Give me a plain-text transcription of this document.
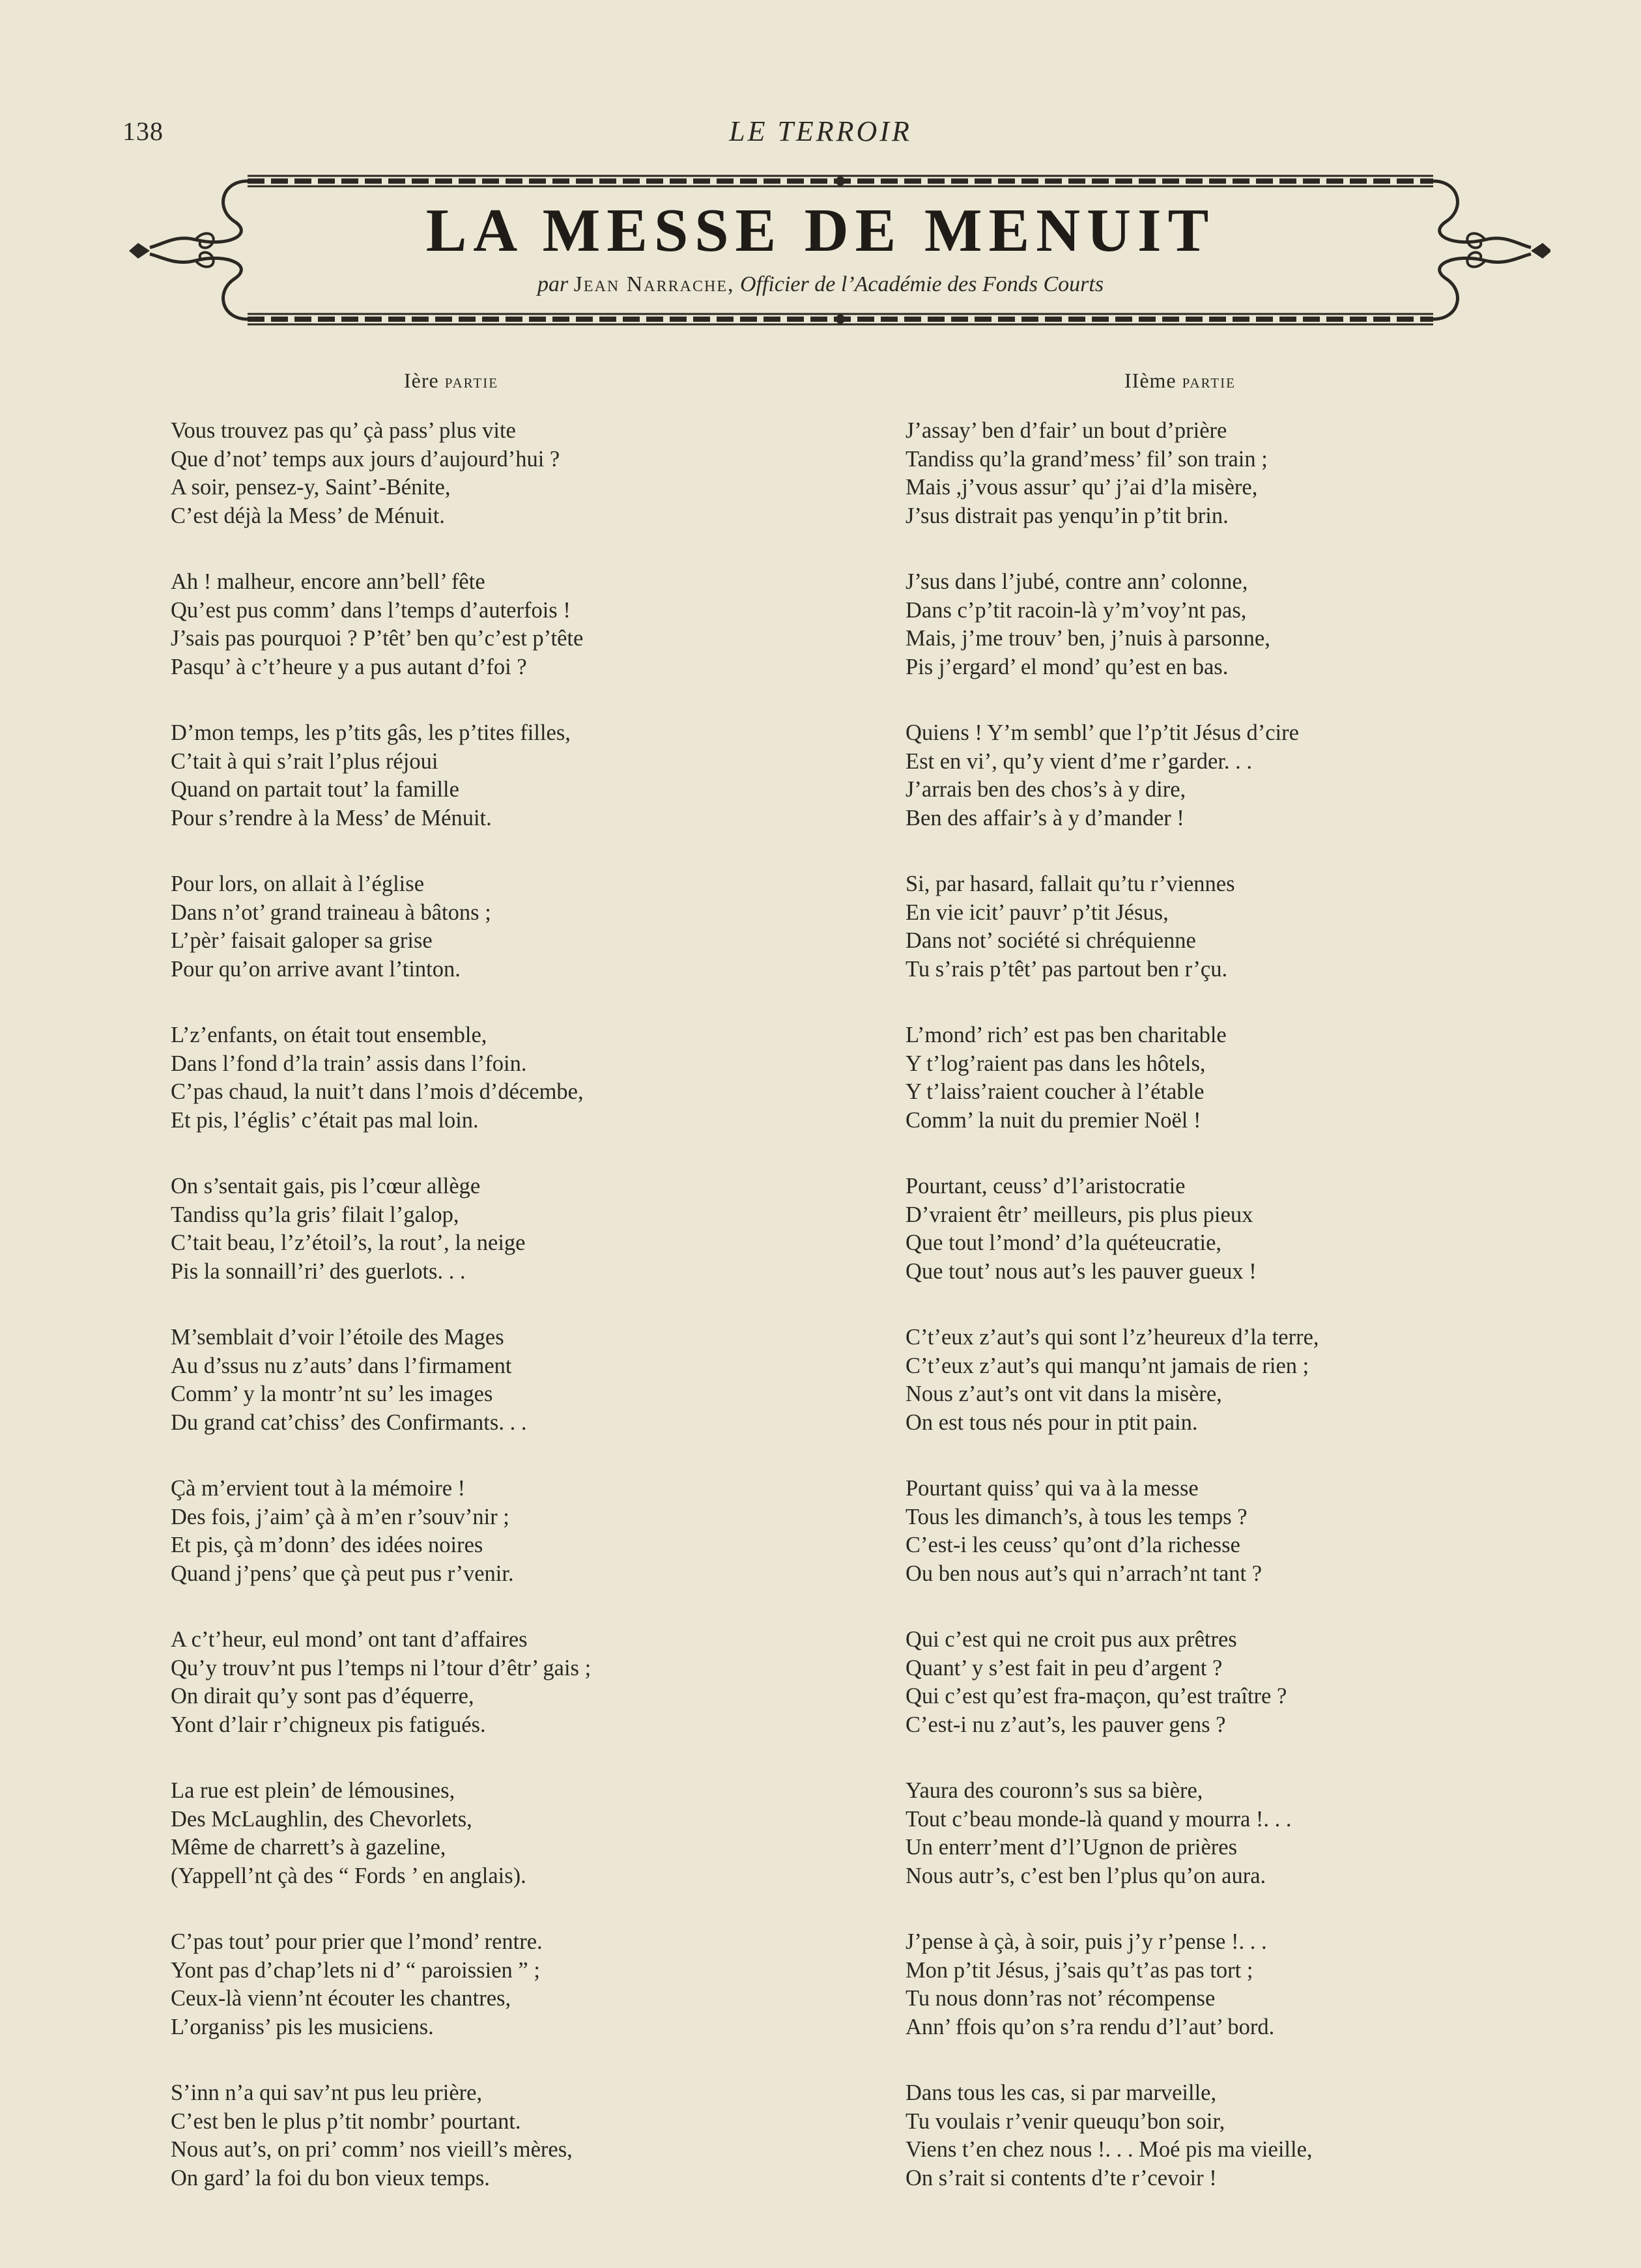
138	LE TERROIR
LA MESSE DE MENUIT
par Jean Narrache, Officier de l’Académie des Fonds Courts
Ière partie	IIème partie
Vous trouvez pas qu’ çà pass’ plus vite
Que d’not’ temps aux jours d’aujourd’hui ?
A soir, pensez-y, Saint’-Bénite,
C’est déjà la Mess’ de Ménuit.
Ah ! malheur, encore ann’bell’ fête
Qu’est pus comm’ dans l’temps d’auterfois !
J’sais pas pourquoi ? P’têt’ ben qu’c’est p’tête
Pasqu’ à c’t’heure y a pus autant d’foi ?
D’mon temps, les p’tits gâs, les p’tites filles,
C’tait à qui s’rait l’plus réjoui
Quand on partait tout’ la famille
Pour s’rendre à la Mess’ de Ménuit.
Pour lors, on allait à l’église
Dans n’ot’ grand traineau à bâtons ;
L’pèr’ faisait galoper sa grise
Pour qu’on arrive avant l’tinton.
L’z’enfants, on était tout ensemble,
Dans l’fond d’la train’ assis dans l’foin.
C’pas chaud, la nuit’t dans l’mois d’décembe,
Et pis, l’églis’ c’était pas mal loin.
On s’sentait gais, pis l’cœur allège
Tandiss qu’la gris’ filait l’galop,
C’tait beau, l’z’étoil’s, la rout’, la neige
Pis la sonnaill’ri’ des guerlots. . .
M’semblait d’voir l’étoile des Mages
Au d’ssus nu z’auts’ dans l’firmament
Comm’ y la montr’nt su’ les images
Du grand cat’chiss’ des Confirmants. . .
Çà m’ervient tout à la mémoire !
Des fois, j’aim’ çà à m’en r’souv’nir ;
Et pis, çà m’donn’ des idées noires
Quand j’pens’ que çà peut pus r’venir.
A c’t’heur, eul mond’ ont tant d’affaires
Qu’y trouv’nt pus l’temps ni l’tour d’êtr’ gais ;
On dirait qu’y sont pas d’équerre,
Yont d’lair r’chigneux pis fatigués.
La rue est plein’ de lémousines,
Des McLaughlin, des Chevorlets,
Même de charrett’s à gazeline,
(Yappell’nt çà des “ Fords ’ en anglais).
C’pas tout’ pour prier que l’mond’ rentre.
Yont pas d’chap’lets ni d’ “ paroissien ” ;
Ceux-là vienn’nt écouter les chantres,
L’organiss’ pis les musiciens.
S’inn n’a qui sav’nt pus leu prière,
C’est ben le plus p’tit nombr’ pourtant.
Nous aut’s, on pri’ comm’ nos vieill’s mères,
On gard’ la foi du bon vieux temps.
J’assay’ ben d’fair’ un bout d’prière
Tandiss qu’la grand’mess’ fil’ son train ;
Mais ,j’vous assur’ qu’ j’ai d’la misère,
J’sus distrait pas yenqu’in p’tit brin.
J’sus dans l’jubé, contre ann’ colonne,
Dans c’p’tit racoin-là y’m’voy’nt pas,
Mais, j’me trouv’ ben, j’nuis à parsonne,
Pis j’ergard’ el mond’ qu’est en bas.
Quiens ! Y’m sembl’ que l’p’tit Jésus d’cire
Est en vi’, qu’y vient d’me r’garder. . .
J’arrais ben des chos’s à y dire,
Ben des affair’s à y d’mander !
Si, par hasard, fallait qu’tu r’viennes
En vie icit’ pauvr’ p’tit Jésus,
Dans not’ société si chréquienne
Tu s’rais p’têt’ pas partout ben r’çu.
L’mond’ rich’ est pas ben charitable
Y t’log’raient pas dans les hôtels,
Y t’laiss’raient coucher à l’étable
Comm’ la nuit du premier Noël !
Pourtant, ceuss’ d’l’aristocratie
D’vraient êtr’ meilleurs, pis plus pieux
Que tout l’mond’ d’la quéteucratie,
Que tout’ nous aut’s les pauver gueux !
C’t’eux z’aut’s qui sont l’z’heureux d’la terre,
C’t’eux z’aut’s qui manqu’nt jamais de rien ;
Nous z’aut’s ont vit dans la misère,
On est tous nés pour in ptit pain.
Pourtant quiss’ qui va à la messe
Tous les dimanch’s, à tous les temps ?
C’est-i les ceuss’ qu’ont d’la richesse
Ou ben nous aut’s qui n’arrach’nt tant ?
Qui c’est qui ne croit pus aux prêtres
Quant’ y s’est fait in peu d’argent ?
Qui c’est qu’est fra-maçon, qu’est traître ?
C’est-i nu z’aut’s, les pauver gens ?
Yaura des couronn’s sus sa bière,
Tout c’beau monde-là quand y mourra !. . .
Un enterr’ment d’l’Ugnon de prières
Nous autr’s, c’est ben l’plus qu’on aura.
J’pense à çà, à soir, puis j’y r’pense !. . .
Mon p’tit Jésus, j’sais qu’t’as pas tort ;
Tu nous donn’ras not’ récompense
Ann’ ffois qu’on s’ra rendu d’l’aut’ bord.
Dans tous les cas, si par marveille,
Tu voulais r’venir queuqu’bon soir,
Viens t’en chez nous !. . . Moé pis ma vieille,
On s’rait si contents d’te r’cevoir !
